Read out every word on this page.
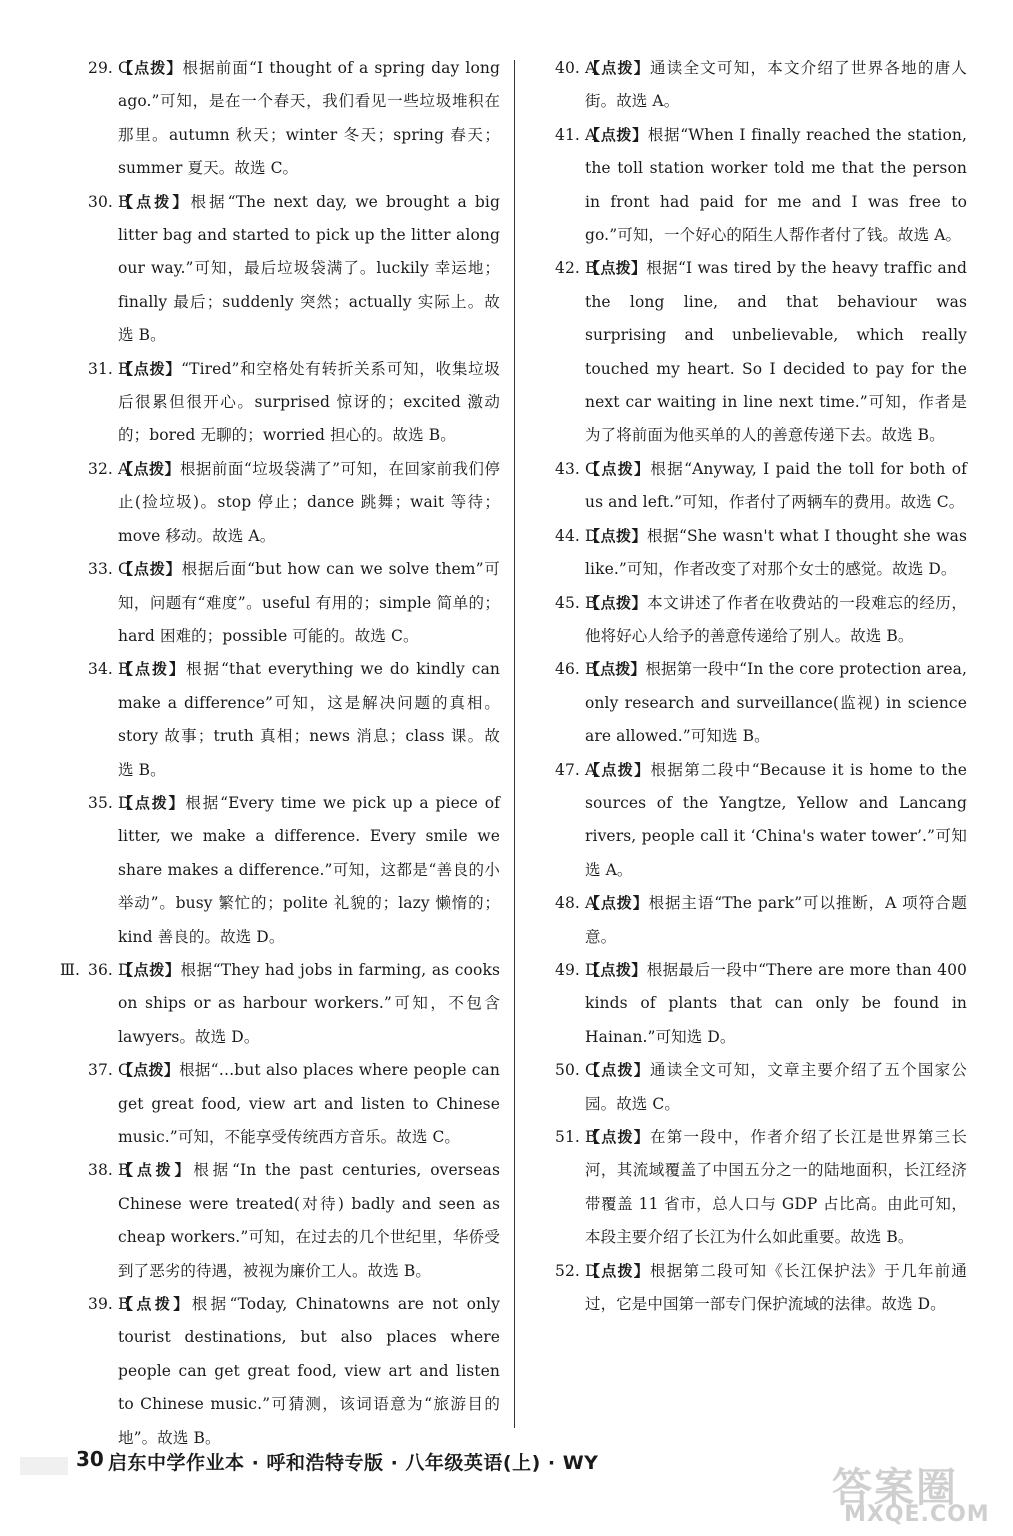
29. C
【点拨】根据前面“I thought of a spring day long ago.”可知，是在一个春天，我们看见一些垃圾堆积在那里。autumn 秋天；winter 冬天；spring 春天；summer 夏天。故选 C。
30. B
【点拨】根据“The next day, we brought a big litter bag and started to pick up the litter along our way.”可知，最后垃圾袋满了。luckily 幸运地；finally 最后；suddenly 突然；actually 实际上。故选 B。
31. B
【点拨】“Tired”和空格处有转折关系可知，收集垃圾后很累但很开心。surprised 惊讶的；excited 激动的；bored 无聊的；worried 担心的。故选 B。
32. A
【点拨】根据前面“垃圾袋满了”可知，在回家前我们停止(捡垃圾)。stop 停止；dance 跳舞；wait 等待；move 移动。故选 A。
33. C
【点拨】根据后面“but how can we solve them”可知，问题有“难度”。useful 有用的；simple 简单的；hard 困难的；possible 可能的。故选 C。
34. B
【点拨】根据“that everything we do kindly can make a difference”可知，这是解决问题的真相。story 故事；truth 真相；news 消息；class 课。故选 B。
35. D
【点拨】根据“Every time we pick up a piece of litter, we make a difference. Every smile we share makes a difference.”可知，这都是“善良的小举动”。busy 繁忙的；polite 礼貌的；lazy 懒惰的；kind 善良的。故选 D。
Ⅲ. 36. D
【点拨】根据“They had jobs in farming, as cooks on ships or as harbour workers.”可知，不包含 lawyers。故选 D。
37. C
【点拨】根据“…but also places where people can get great food, view art and listen to Chinese music.”可知，不能享受传统西方音乐。故选 C。
38. B
【点拨】根据“In the past centuries, overseas Chinese were treated(对待) badly and seen as cheap workers.”可知，在过去的几个世纪里，华侨受到了恶劣的待遇，被视为廉价工人。故选 B。
39. B
【点拨】根据“Today, Chinatowns are not only tourist destinations, but also places where people can get great food, view art and listen to Chinese music.”可猜测，该词语意为“旅游目的地”。故选 B。
40. A
【点拨】通读全文可知，本文介绍了世界各地的唐人街。故选 A。
41. A
【点拨】根据“When I finally reached the station, the toll station worker told me that the person in front had paid for me and I was free to go.”可知，一个好心的陌生人帮作者付了钱。故选 A。
42. B
【点拨】根据“I was tired by the heavy traffic and the long line, and that behaviour was surprising and unbelievable, which really touched my heart. So I decided to pay for the next car waiting in line next time.”可知，作者是为了将前面为他买单的人的善意传递下去。故选 B。
43. C
【点拨】根据“Anyway, I paid the toll for both of us and left.”可知，作者付了两辆车的费用。故选 C。
44. D
【点拨】根据“She wasn't what I thought she was like.”可知，作者改变了对那个女士的感觉。故选 D。
45. B
【点拨】本文讲述了作者在收费站的一段难忘的经历，他将好心人给予的善意传递给了别人。故选 B。
46. B
【点拨】根据第一段中“In the core protection area, only research and surveillance(监视) in science are allowed.”可知选 B。
47. A
【点拨】根据第二段中“Because it is home to the sources of the Yangtze, Yellow and Lancang rivers, people call it ‘China's water tower’.”可知选 A。
48. A
【点拨】根据主语“The park”可以推断，A 项符合题意。
49. D
【点拨】根据最后一段中“There are more than 400 kinds of plants that can only be found in Hainan.”可知选 D。
50. C
【点拨】通读全文可知，文章主要介绍了五个国家公园。故选 C。
51. B
【点拨】在第一段中，作者介绍了长江是世界第三长河，其流域覆盖了中国五分之一的陆地面积，长江经济带覆盖 11 省市，总人口与 GDP 占比高。由此可知，本段主要介绍了长江为什么如此重要。故选 B。
52. D
【点拨】根据第二段可知《长江保护法》于几年前通过，它是中国第一部专门保护流域的法律。故选 D。
30 启东中学作业本 · 呼和浩特专版 · 八年级英语(上) · WY
答案圈
MXQE.COM
